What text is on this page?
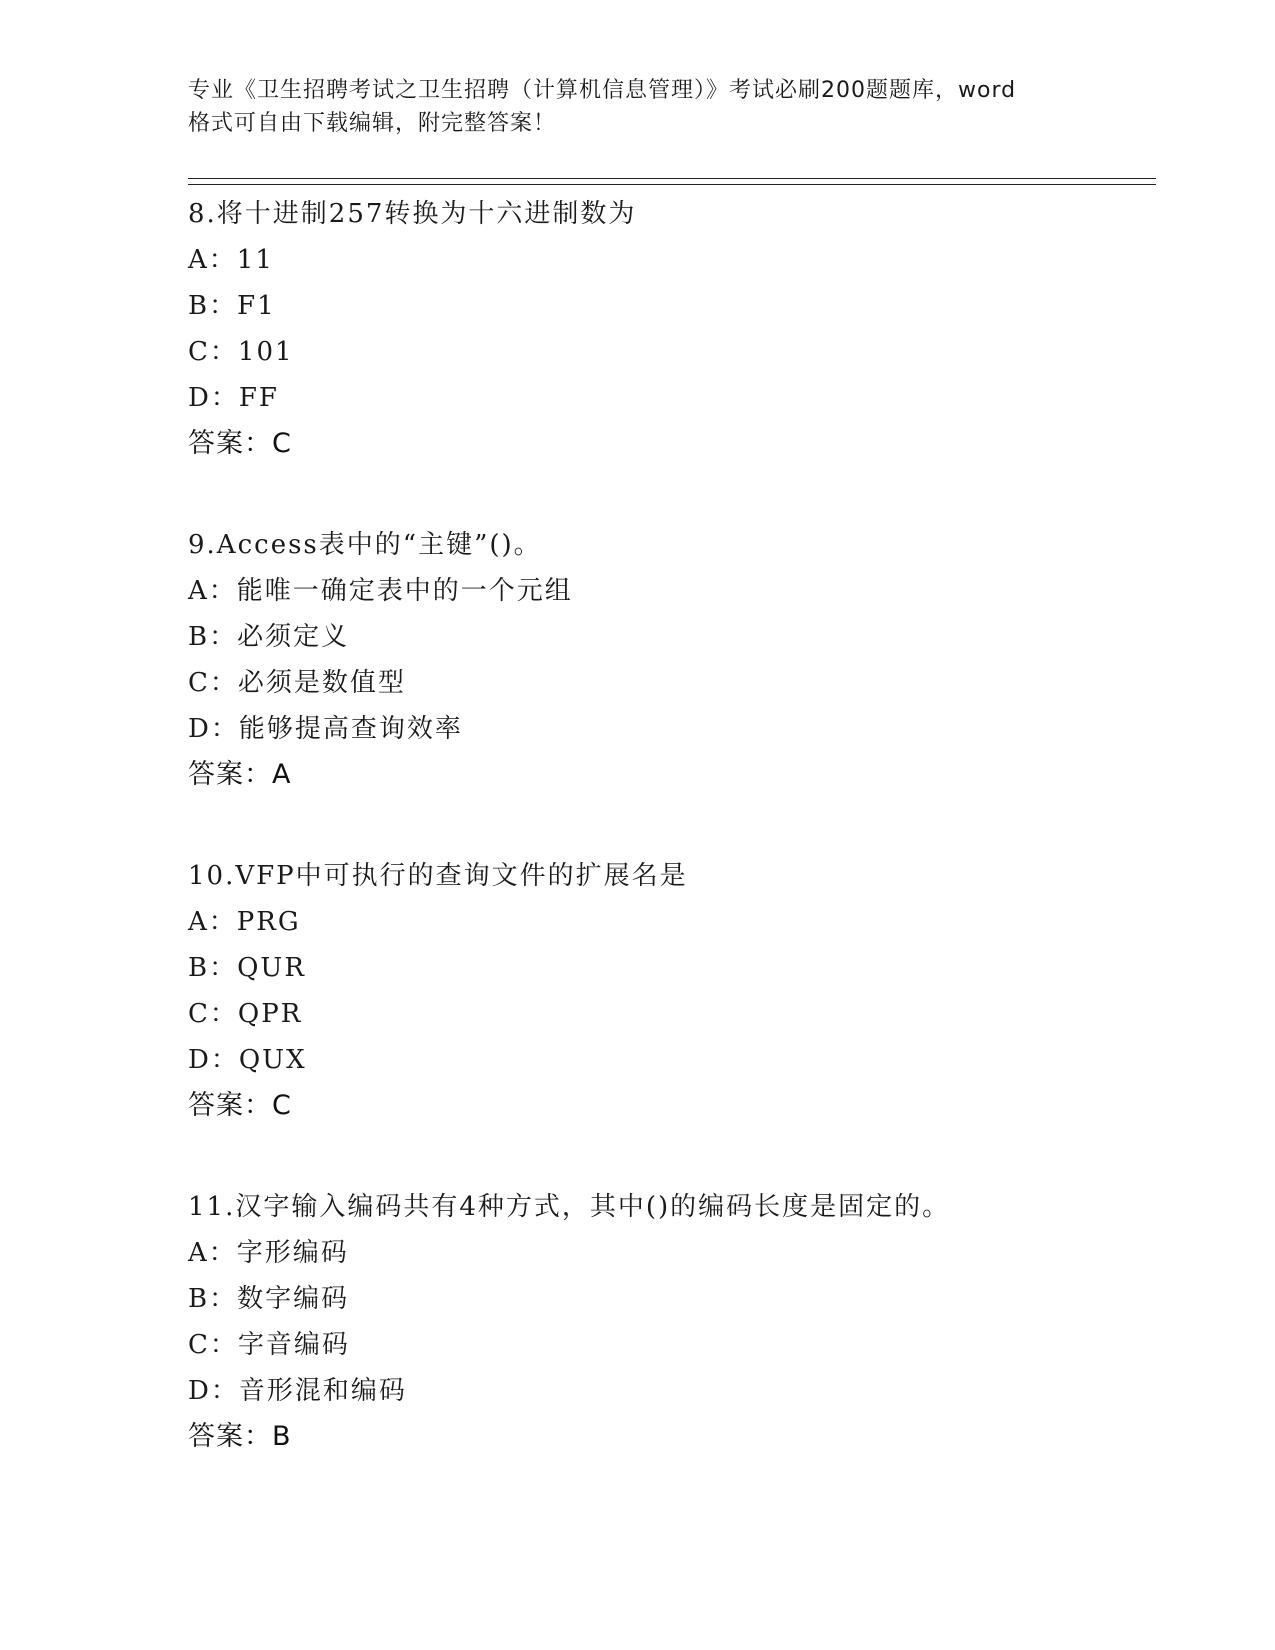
专业《卫生招聘考试之卫生招聘（计算机信息管理）》考试必刷200题题库，word
格式可自由下载编辑，附完整答案！
8.将十进制257转换为十六进制数为
A：11
B：F1
C：101
D：FF
答案：C
9.Access表中的“主键”()。
A：能唯一确定表中的一个元组
B：必须定义
C：必须是数值型
D：能够提高查询效率
答案：A
10.VFP中可执行的查询文件的扩展名是
A：PRG
B：QUR
C：QPR
D：QUX
答案：C
11.汉字输入编码共有4种方式，其中()的编码长度是固定的。
A：字形编码
B：数字编码
C：字音编码
D：音形混和编码
答案：B
